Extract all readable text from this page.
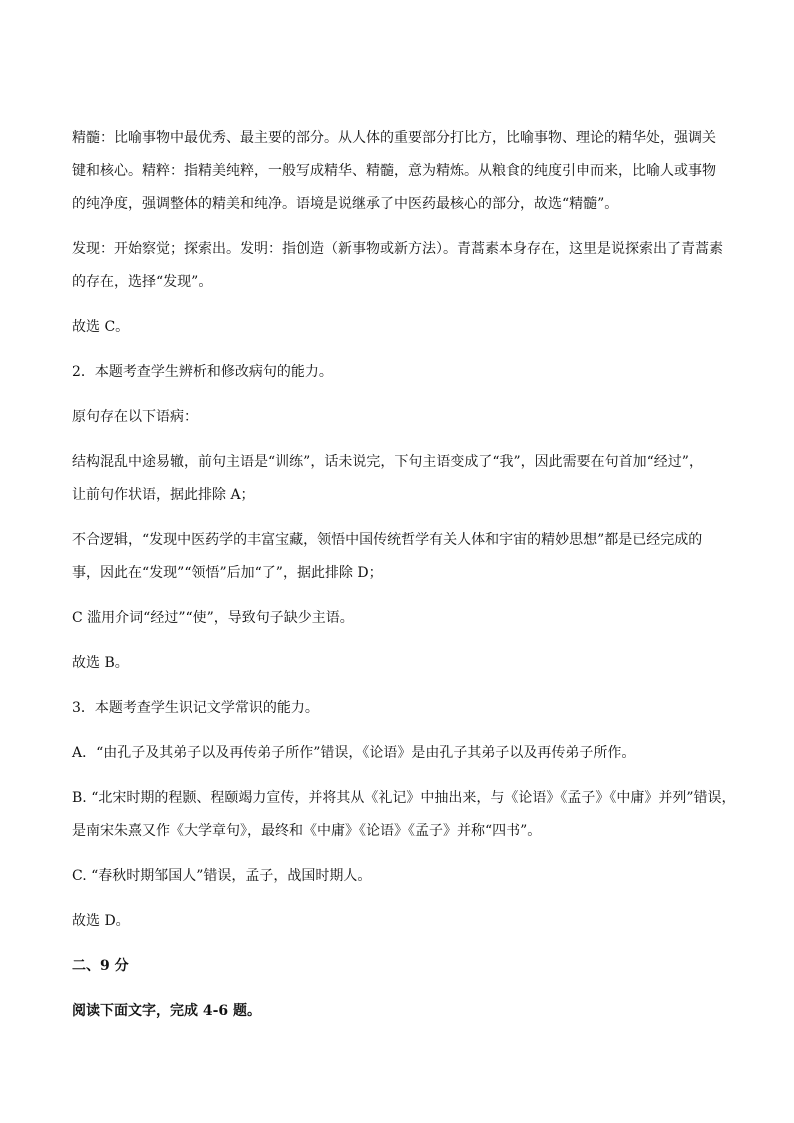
精髓：比喻事物中最优秀、最主要的部分。从人体的重要部分打比方，比喻事物、理论的精华处，强调关

键和核心。精粹：指精美纯粹，一般写成精华、精髓，意为精炼。从粮食的纯度引申而来，比喻人或事物

的纯净度，强调整体的精美和纯净。语境是说继承了中医药最核心的部分，故选“精髓”。

发现：开始察觉；探索出。发明：指创造（新事物或新方法）。青蒿素本身存在，这里是说探索出了青蒿素

的存在，选择“发现”。

故选 C。

2．本题考查学生辨析和修改病句的能力。

原句存在以下语病：

结构混乱中途易辙，前句主语是“训练”，话未说完，下句主语变成了“我”，因此需要在句首加“经过”，

让前句作状语，据此排除 A；

不合逻辑，“发现中医药学的丰富宝藏，领悟中国传统哲学有关人体和宇宙的精妙思想”都是已经完成的

事，因此在“发现”“领悟”后加“了”，据此排除 D；

C 滥用介词“经过”“使”，导致句子缺少主语。

故选 B。

3．本题考查学生识记文学常识的能力。

A．“由孔子及其弟子以及再传弟子所作”错误，《论语》是由孔子其弟子以及再传弟子所作。

B. “北宋时期的程颢、程颐竭力宣传，并将其从《礼记》中抽出来，与《论语》《孟子》《中庸》并列”错误，

是南宋朱熹又作《大学章句》，最终和《中庸》《论语》《孟子》并称“四书”。

C. “春秋时期邹国人”错误，孟子，战国时期人。

故选 D。

二、9 分

阅读下面文字，完成 4-6 题。
